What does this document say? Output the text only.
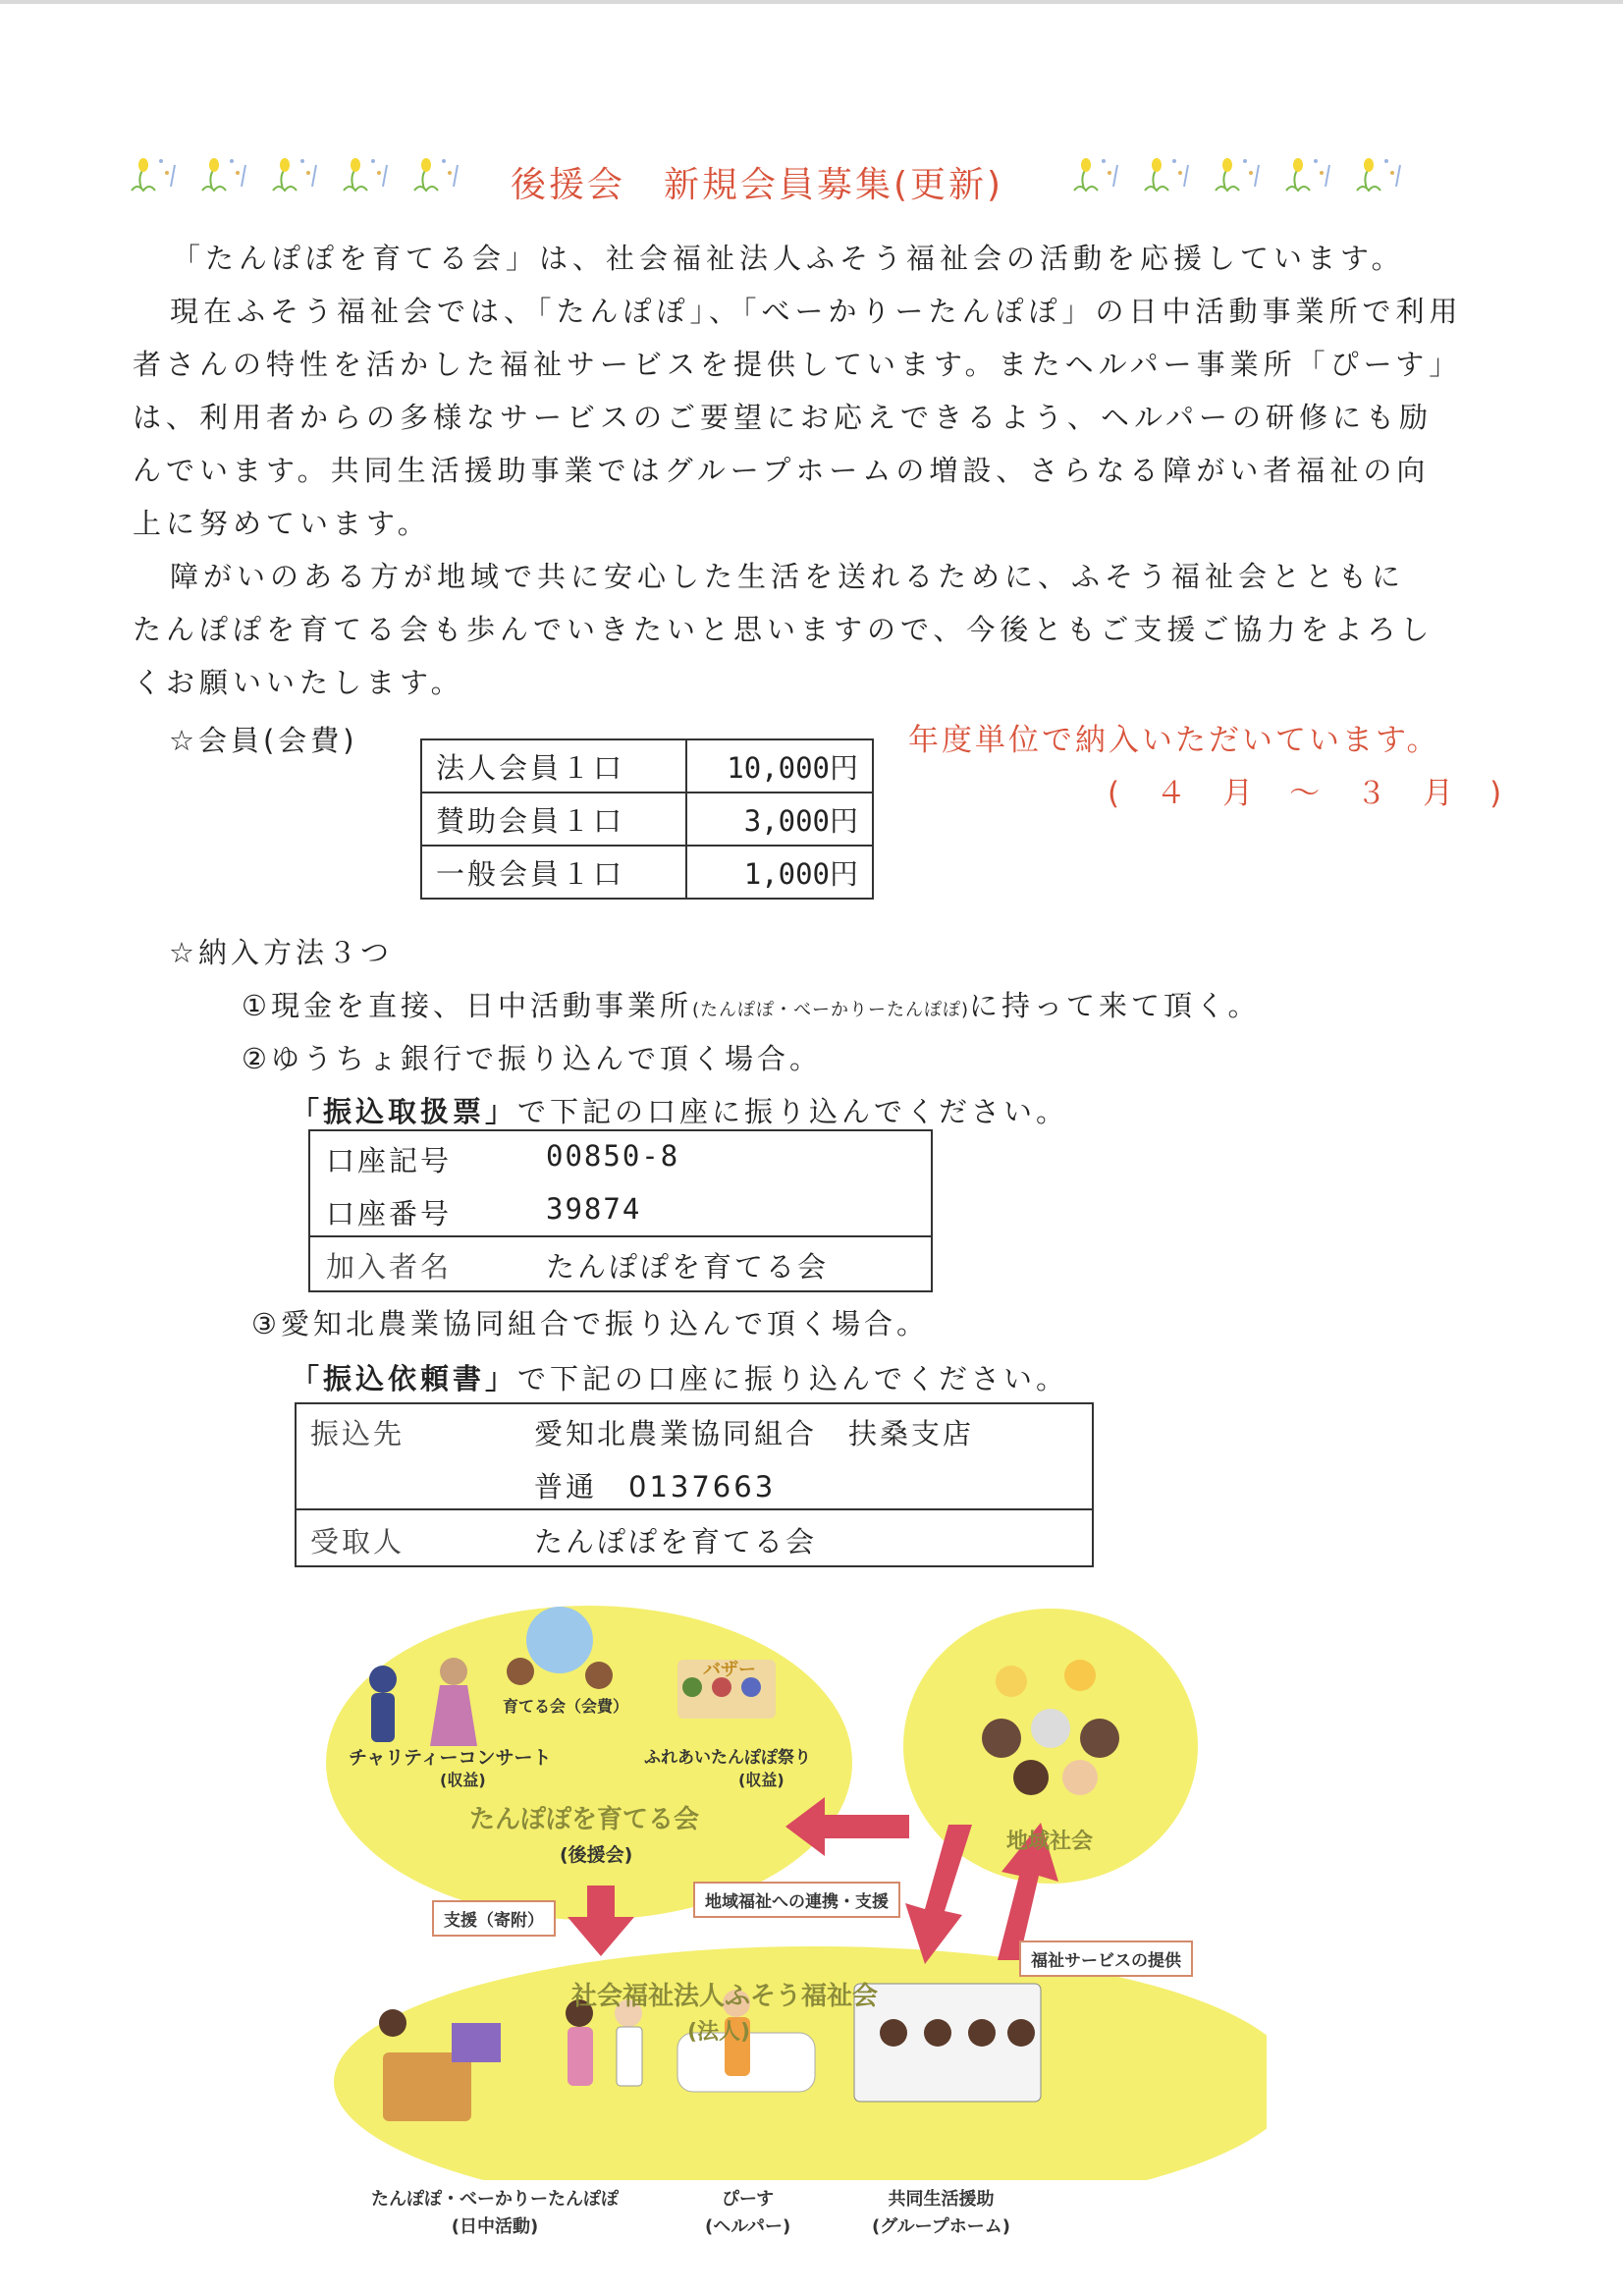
後援会　新規会員募集(更新)
「たんぽぽを育てる会」は、社会福祉法人ふそう福祉会の活動を応援しています。
現在ふそう福祉会では、「たんぽぽ」、「べーかりーたんぽぽ」の日中活動事業所で利用
者さんの特性を活かした福祉サービスを提供しています。またヘルパー事業所「ぴーす」
は、利用者からの多様なサービスのご要望にお応えできるよう、ヘルパーの研修にも励
んでいます。共同生活援助事業ではグループホームの増設、さらなる障がい者福祉の向
上に努めています。
障がいのある方が地域で共に安心した生活を送れるために、ふそう福祉会とともに
たんぽぽを育てる会も歩んでいきたいと思いますので、今後ともご支援ご協力をよろし
くお願いいたします。
☆会員(会費)
法人会員１口	10,000円
賛助会員１口	3,000円
一般会員１口	1,000円
年度単位で納入いただいています。
(　４　月　～　３　月　)
☆納入方法３つ
①現金を直接、日中活動事業所(たんぽぽ・べーかりーたんぽぽ)に持って来て頂く。
②ゆうちょ銀行で振り込んで頂く場合。
「振込取扱票」で下記の口座に振り込んでください。
口座記号	00850-8
口座番号	39874
加入者名	たんぽぽを育てる会
③愛知北農業協同組合で振り込んで頂く場合。
「振込依頼書」で下記の口座に振り込んでください。
振込先	愛知北農業協同組合　扶桑支店
普通　0137663
受取人	たんぽぽを育てる会
チャリティーコンサート
(収益)
育てる会（会費）
バザー
ふれあいたんぽぽ祭り
(収益)
たんぽぽを育てる会
(後援会)
地域社会
支援（寄附）
地域福祉への連携・支援
福祉サービスの提供
社会福祉法人ふそう福祉会
(法人)
たんぽぽ・べーかりーたんぽぽ
(日中活動)
ぴーす
(ヘルパー)
共同生活援助
(グループホーム)
